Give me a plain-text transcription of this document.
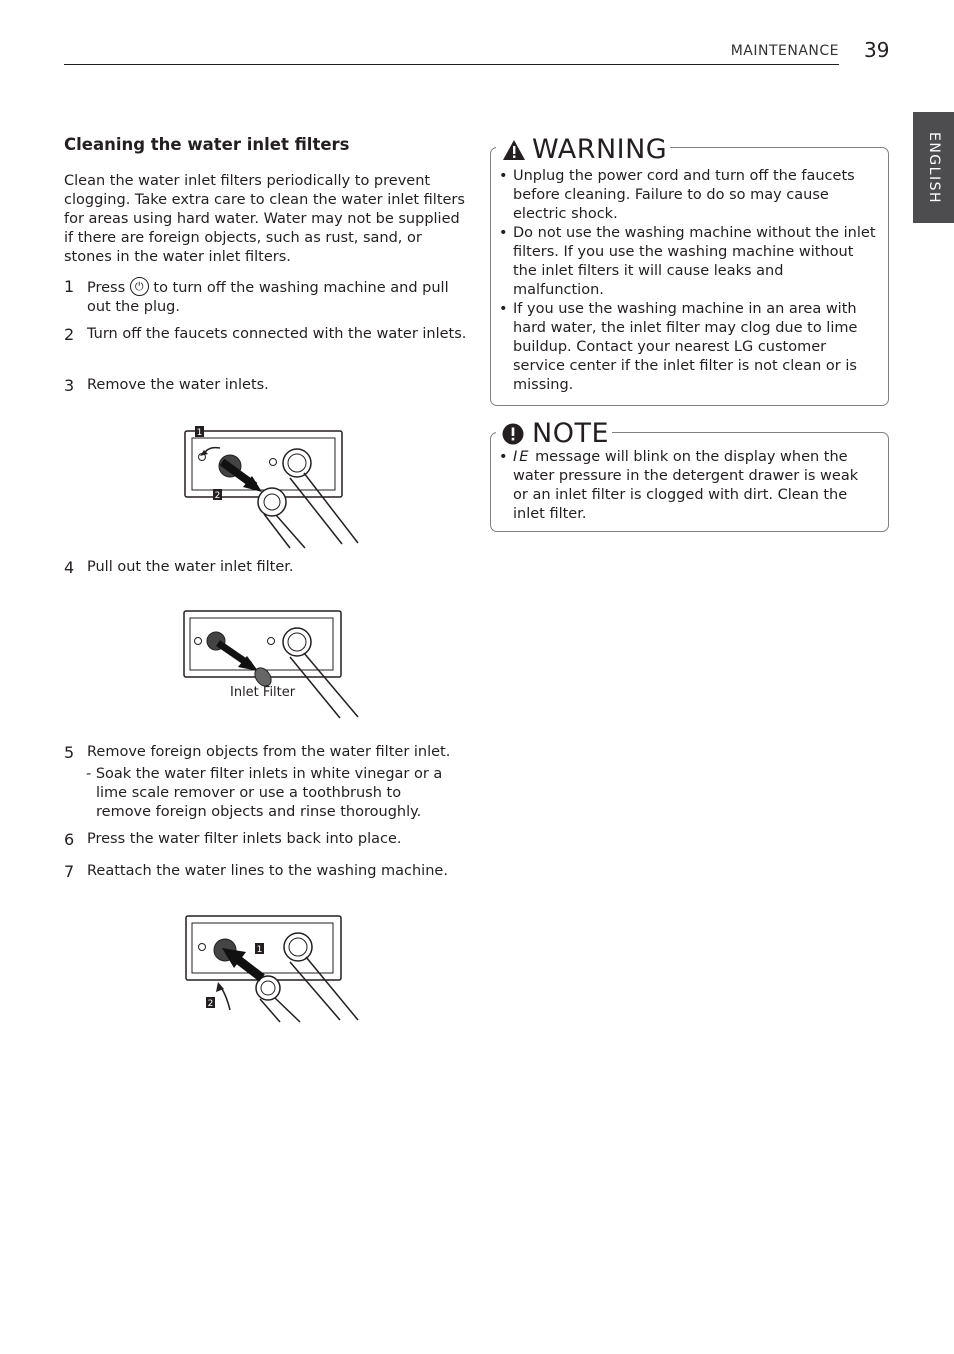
MAINTENANCE 39
ENGLISH
Cleaning the water inlet filters
Clean the water inlet filters periodically to prevent clogging. Take extra care to clean the water inlet filters for areas using hard water. Water may not be supplied if there are foreign objects, such as rust, sand, or stones in the water inlet filters.
1 Press ⏻ to turn off the washing machine and pull out the plug.
2 Turn off the faucets connected with the water inlets.
3 Remove the water inlets.
1
2
4 Pull out the water inlet filter.
Inlet Filter
5 Remove foreign objects from the water filter inlet.
- Soak the water filter inlets in white vinegar or a lime scale remover or use a toothbrush to remove foreign objects and rinse thoroughly.
6 Press the water filter inlets back into place.
7 Reattach the water lines to the washing machine.
1
2
WARNING
• Unplug the power cord and turn off the faucets before cleaning. Failure to do so may cause electric shock.
• Do not use the washing machine without the inlet filters. If you use the washing machine without the inlet filters it will cause leaks and malfunction.
• If you use the washing machine in an area with hard water, the inlet filter may clog due to lime buildup. Contact your nearest LG customer service center if the inlet filter is not clean or is missing.
NOTE
• IE message will blink on the display when the water pressure in the detergent drawer is weak or an inlet filter is clogged with dirt. Clean the inlet filter.
